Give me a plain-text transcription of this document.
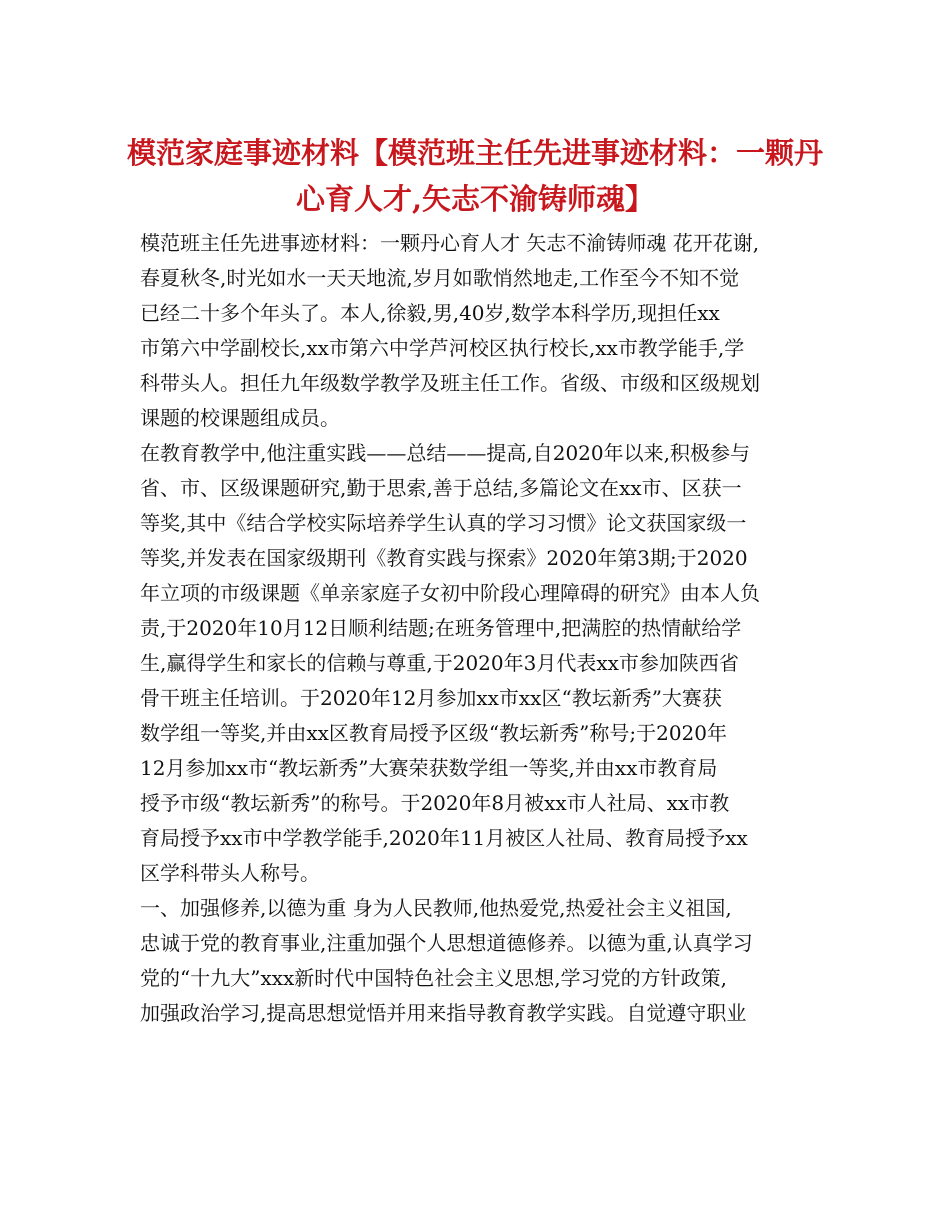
模范家庭事迹材料【模范班主任先进事迹材料：一颗丹
心育人才,矢志不渝铸师魂】
模范班主任先进事迹材料：一颗丹心育人才 矢志不渝铸师魂 花开花谢,
春夏秋冬,时光如水一天天地流,岁月如歌悄然地走,工作至今不知不觉
已经二十多个年头了。本人,徐毅,男,40岁,数学本科学历,现担任xx
市第六中学副校长,xx市第六中学芦河校区执行校长,xx市教学能手,学
科带头人。担任九年级数学教学及班主任工作。省级、市级和区级规划
课题的校课题组成员。
在教育教学中,他注重实践——总结——提高,自2020年以来,积极参与
省、市、区级课题研究,勤于思索,善于总结,多篇论文在xx市、区获一
等奖,其中《结合学校实际培养学生认真的学习习惯》论文获国家级一
等奖,并发表在国家级期刊《教育实践与探索》2020年第3期;于2020
年立项的市级课题《单亲家庭子女初中阶段心理障碍的研究》由本人负
责,于2020年10月12日顺利结题;在班务管理中,把满腔的热情献给学
生,赢得学生和家长的信赖与尊重,于2020年3月代表xx市参加陕西省
骨干班主任培训。于2020年12月参加xx市xx区“教坛新秀”大赛获
数学组一等奖,并由xx区教育局授予区级“教坛新秀”称号;于2020年
12月参加xx市“教坛新秀”大赛荣获数学组一等奖,并由xx市教育局
授予市级“教坛新秀”的称号。于2020年8月被xx市人社局、xx市教
育局授予xx市中学教学能手,2020年11月被区人社局、教育局授予xx
区学科带头人称号。
一、加强修养,以德为重 身为人民教师,他热爱党,热爱社会主义祖国,
忠诚于党的教育事业,注重加强个人思想道德修养。以德为重,认真学习
党的“十九大”xxx新时代中国特色社会主义思想,学习党的方针政策,
加强政治学习,提高思想觉悟并用来指导教育教学实践。自觉遵守职业
